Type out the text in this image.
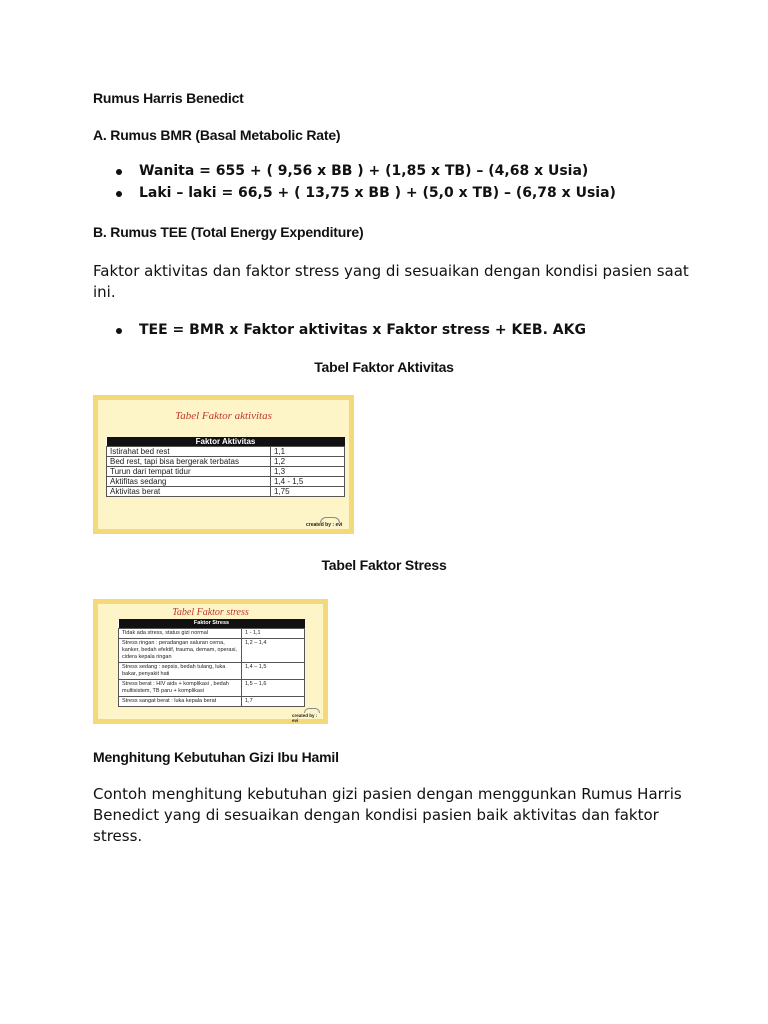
Rumus Harris Benedict
A. Rumus BMR (Basal Metabolic Rate)
Wanita = 655 + ( 9,56 x BB ) + (1,85 x TB) – (4,68 x Usia)
Laki – laki = 66,5 + ( 13,75 x BB ) + (5,0 x TB) – (6,78 x Usia)
B. Rumus TEE (Total Energy Expenditure)
Faktor aktivitas dan faktor stress yang di sesuaikan dengan kondisi pasien saat
ini.
TEE = BMR x Faktor aktivitas x Faktor stress + KEB. AKG
Tabel Faktor Aktivitas
Tabel Faktor aktivitas
Faktor Aktivitas	
Istirahat bed rest	1,1
Bed rest, tapi bisa bergerak terbatas	1,2
Turun dari tempat tidur	1,3
Aktifitas sedang	1,4 - 1,5
Aktivitas berat	1,75
created by : evi
Tabel Faktor Stress
Tabel Faktor stress
Faktor Stress	
Tidak ada stress, status gizi normal	1 - 1,1
Stress ringan : peradangan saluran cerna, kanker, bedah efektif, trauma, demam, operasi, cidera kepala ringan	1,2 – 1,4
Stress sedang : sepsis, bedah tulang, luka bakar, penyakit hati	1,4 – 1,5
Stress berat : HIV aids + komplikasi , bedah multisistem, TB paru + komplikasi	1,5 – 1,6
Stress sangat berat : luka kepala berat	1,7
created by : evi
Menghitung Kebutuhan Gizi Ibu Hamil
Contoh menghitung kebutuhan gizi pasien dengan menggunkan Rumus Harris
Benedict yang di sesuaikan dengan kondisi pasien baik aktivitas dan faktor
stress.
